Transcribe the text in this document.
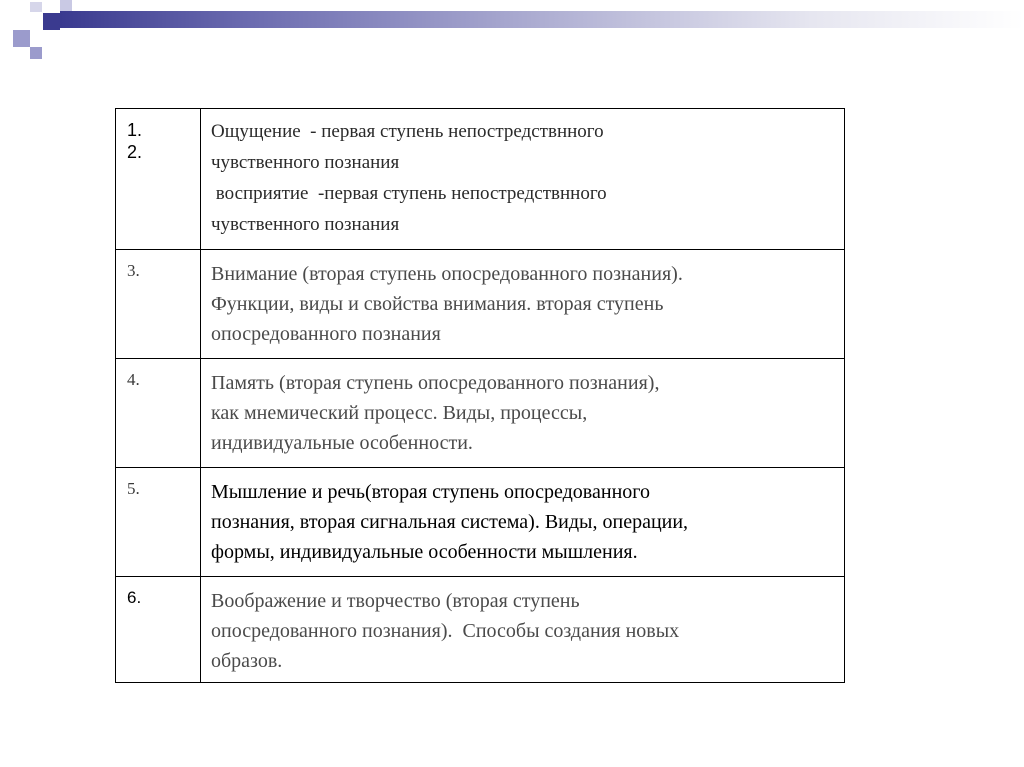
1.
2.	Ощущение  - первая ступень непостредствнного
чувственного познания
восприятие  -первая ступень непостредствнного
чувственного познания

3.	Внимание (вторая ступень опосредованного познания).
Функции, виды и свойства внимания. вторая ступень
опосредованного познания

4.	Память (вторая ступень опосредованного познания),
как мнемический процесс. Виды, процессы,
индивидуальные особенности.

5.	Мышление и речь(вторая ступень опосредованного
познания, вторая сигнальная система). Виды, операции,
формы, индивидуальные особенности мышления.

6.	Воображение и творчество (вторая ступень
опосредованного познания).  Способы создания новых
образов.
